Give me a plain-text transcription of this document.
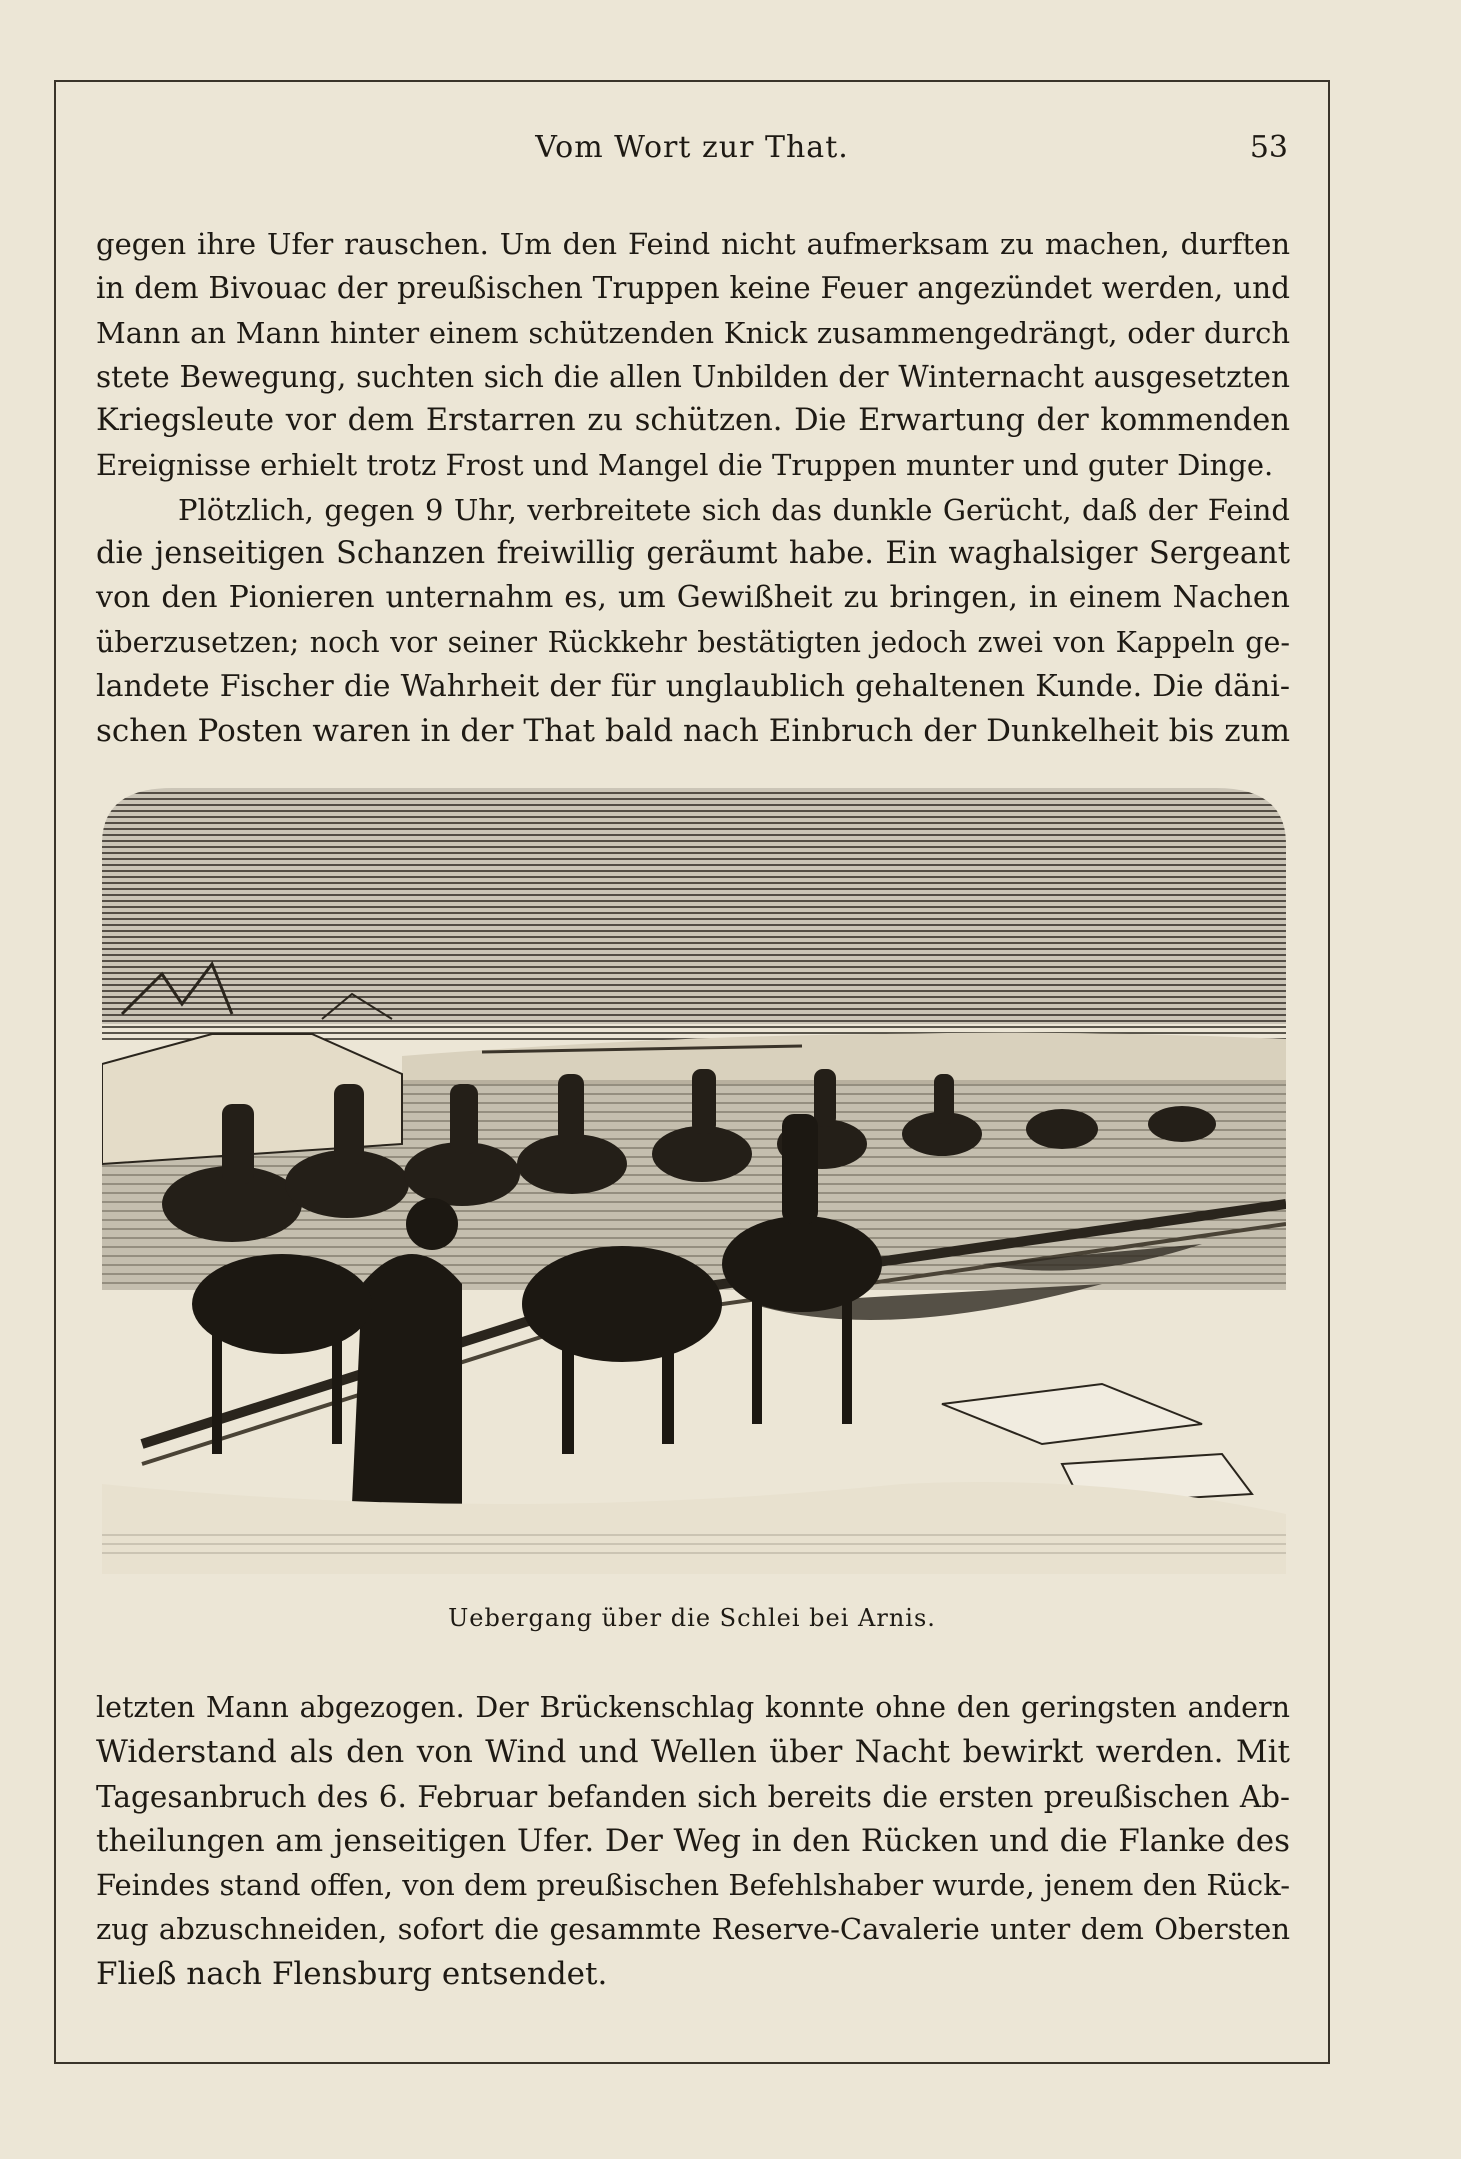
Vom Wort zur That.	53

gegen ihre Ufer rauschen. Um den Feind nicht aufmerksam zu machen, durften
in dem Bivouac der preußischen Truppen keine Feuer angezündet werden, und
Mann an Mann hinter einem schützenden Knick zusammengedrängt, oder durch
stete Bewegung, suchten sich die allen Unbilden der Winternacht ausgesetzten
Kriegsleute vor dem Erstarren zu schützen. Die Erwartung der kommenden
Ereignisse erhielt trotz Frost und Mangel die Truppen munter und guter Dinge.

Plötzlich, gegen 9 Uhr, verbreitete sich das dunkle Gerücht, daß der Feind
die jenseitigen Schanzen freiwillig geräumt habe. Ein waghalsiger Sergeant
von den Pionieren unternahm es, um Gewißheit zu bringen, in einem Nachen
überzusetzen; noch vor seiner Rückkehr bestätigten jedoch zwei von Kappeln ge-
landete Fischer die Wahrheit der für unglaublich gehaltenen Kunde. Die däni-
schen Posten waren in der That bald nach Einbruch der Dunkelheit bis zum

Uebergang über die Schlei bei Arnis.

letzten Mann abgezogen. Der Brückenschlag konnte ohne den geringsten andern
Widerstand als den von Wind und Wellen über Nacht bewirkt werden. Mit
Tagesanbruch des 6. Februar befanden sich bereits die ersten preußischen Ab-
theilungen am jenseitigen Ufer. Der Weg in den Rücken und die Flanke des
Feindes stand offen, von dem preußischen Befehlshaber wurde, jenem den Rück-
zug abzuschneiden, sofort die gesammte Reserve-Cavalerie unter dem Obersten
Fließ nach Flensburg entsendet.
